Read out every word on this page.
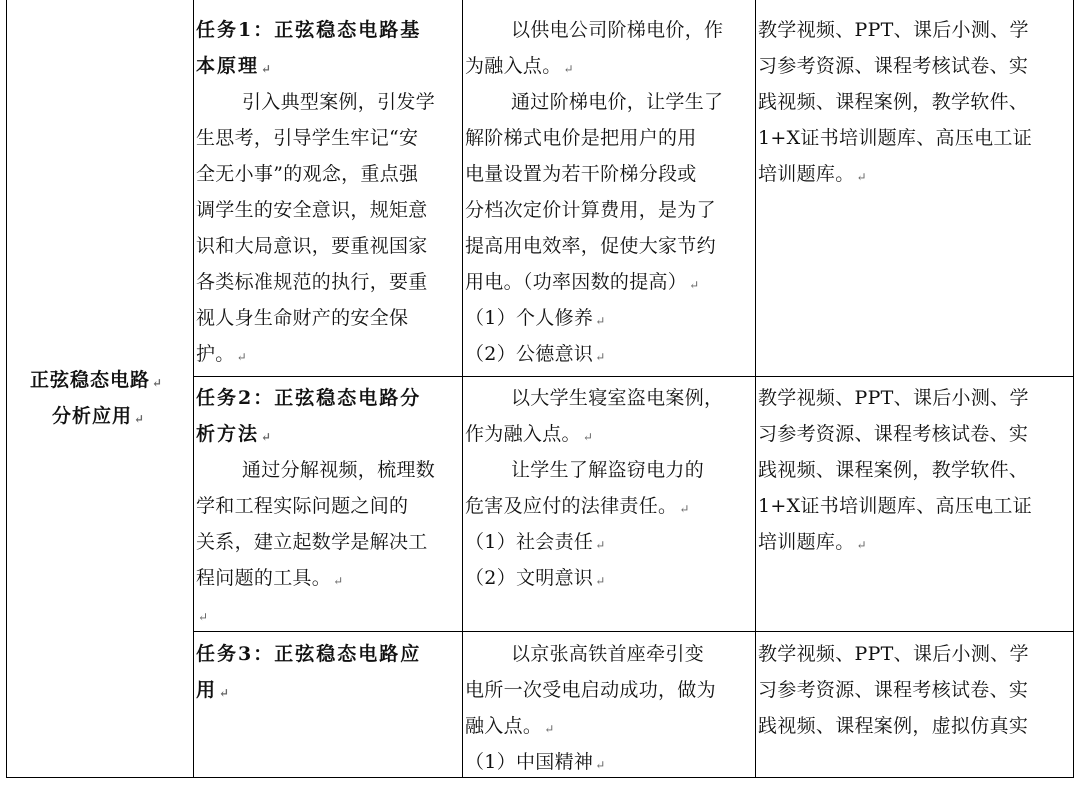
正弦稳态电路 ↵
分析应用 ↵
任务1：正弦稳态电路基
本原理 ↵
引入典型案例，引发学
生思考，引导学生牢记“安
全无小事”的观念，重点强
调学生的安全意识，规矩意
识和大局意识，要重视国家
各类标准规范的执行，要重
视人身生命财产的安全保
护。 ↵
以供电公司阶梯电价，作
为融入点。 ↵
通过阶梯电价，让学生了
解阶梯式电价是把用户的用
电量设置为若干阶梯分段或
分档次定价计算费用，是为了
提高用电效率，促使大家节约
用电。（功率因数的提高） ↵
（1）个人修养 ↵
（2）公德意识 ↵
教学视频、PPT、课后小测、学
习参考资源、课程考核试卷、实
践视频、课程案例，教学软件、
1+X证书培训题库、高压电工证
培训题库。 ↵
任务2：正弦稳态电路分
析方法 ↵
通过分解视频，梳理数
学和工程实际问题之间的
关系，建立起数学是解决工
程问题的工具。 ↵
↵
以大学生寝室盗电案例，
作为融入点。 ↵
让学生了解盗窃电力的
危害及应付的法律责任。 ↵
（1）社会责任 ↵
（2）文明意识 ↵
教学视频、PPT、课后小测、学
习参考资源、课程考核试卷、实
践视频、课程案例，教学软件、
1+X证书培训题库、高压电工证
培训题库。 ↵
任务3：正弦稳态电路应
用 ↵
以京张高铁首座牵引变
电所一次受电启动成功，做为
融入点。 ↵
（1）中国精神 ↵
教学视频、PPT、课后小测、学
习参考资源、课程考核试卷、实
践视频、课程案例，虚拟仿真实
